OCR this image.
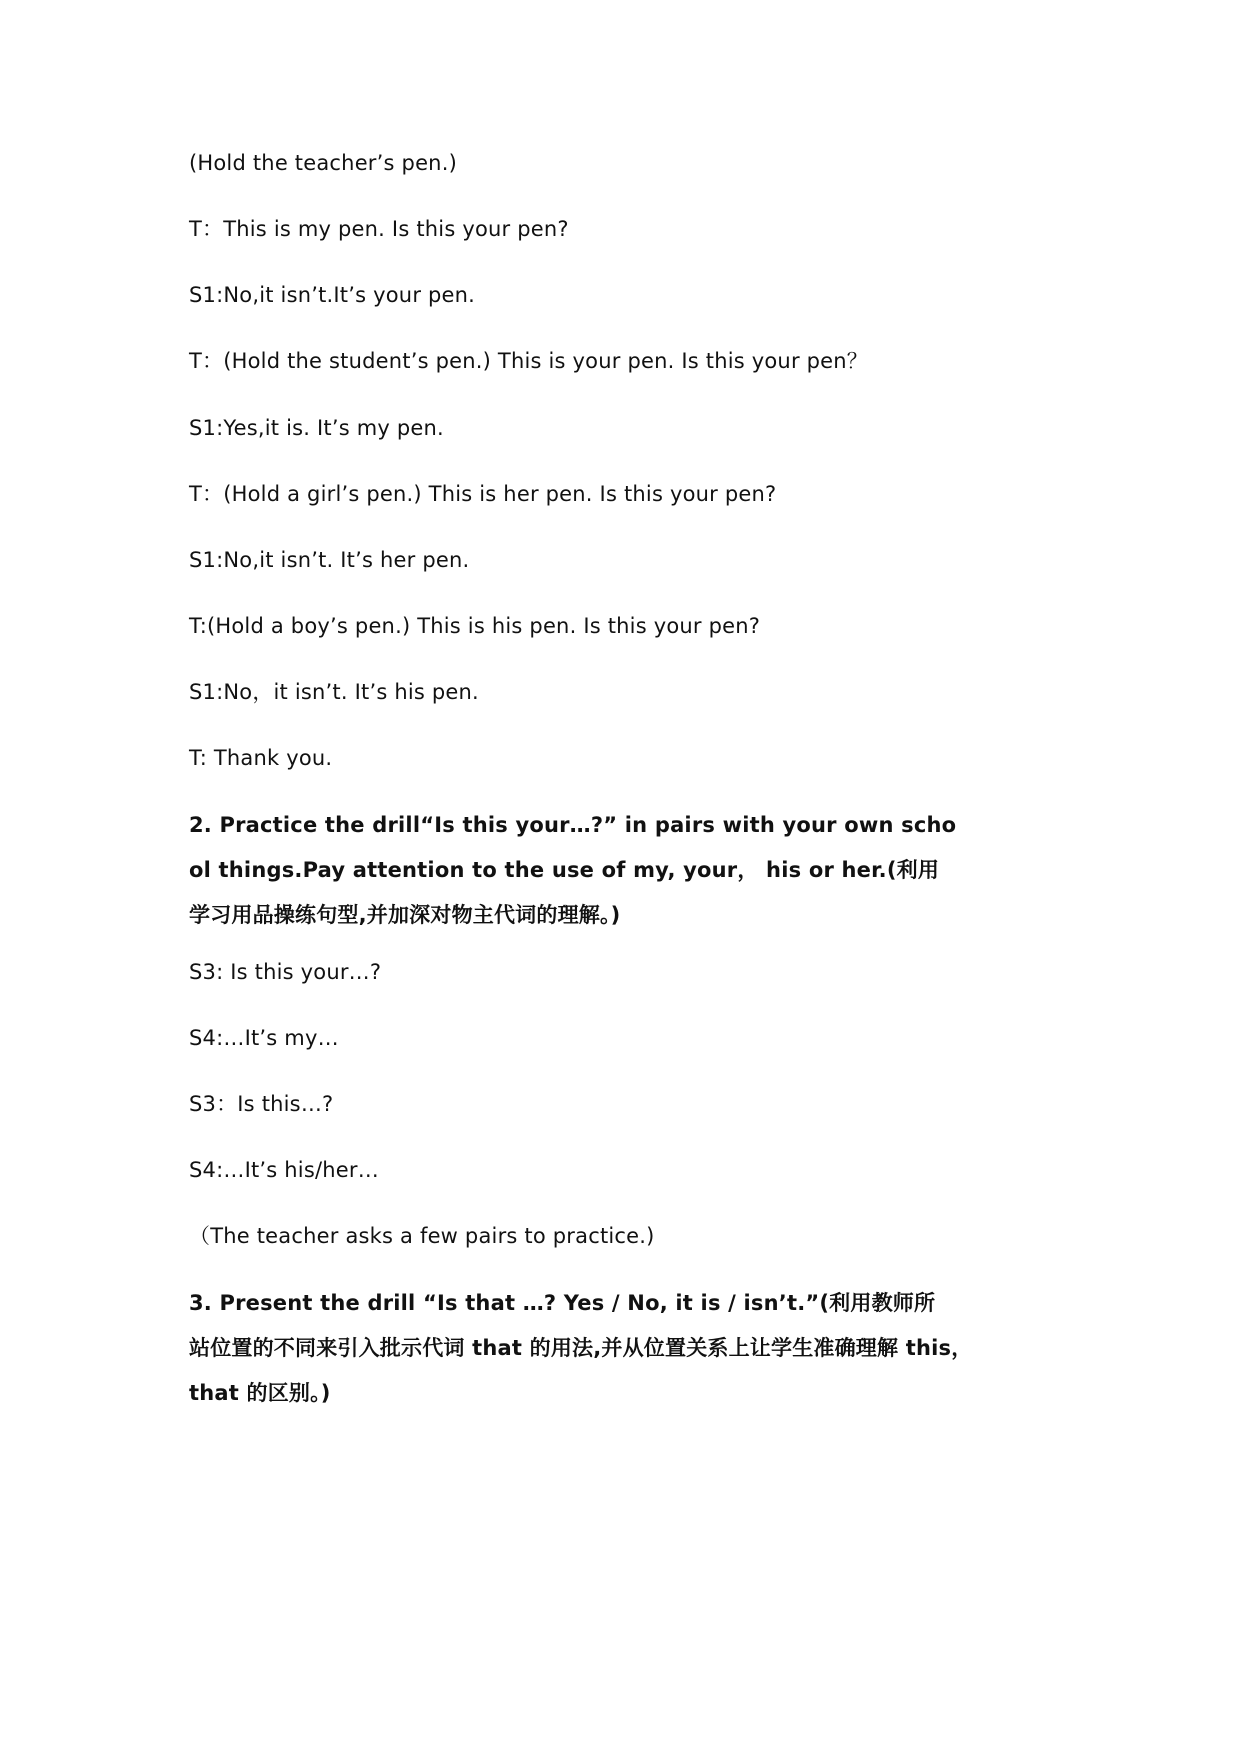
(Hold the teacher’s pen.)
T：This is my pen. Is this your pen?
S1:No,it isn’t.It’s your pen.
T：(Hold the student’s pen.) This is your pen. Is this your pen？
S1:Yes,it is. It’s my pen.
T：(Hold a girl’s pen.) This is her pen. Is this your pen?
S1:No,it isn’t. It’s her pen.
T:(Hold a boy’s pen.) This is his pen. Is this your pen?
S1:No，it isn’t. It’s his pen.
T: Thank you.
2. Practice the drill“Is this your…?” in pairs with your own scho
ol things.Pay attention to the use of my, your， his or her.(利用
学习用品操练句型,并加深对物主代词的理解。)
S3: Is this your…?
S4:…It’s my…
S3：Is this…?
S4:…It’s his/her…
（The teacher asks a few pairs to practice.)
3. Present the drill “Is that …? Yes / No, it is / isn’t.”(利用教师所
站位置的不同来引入批示代词 that 的用法,并从位置关系上让学生准确理解 this，
that 的区别。)
